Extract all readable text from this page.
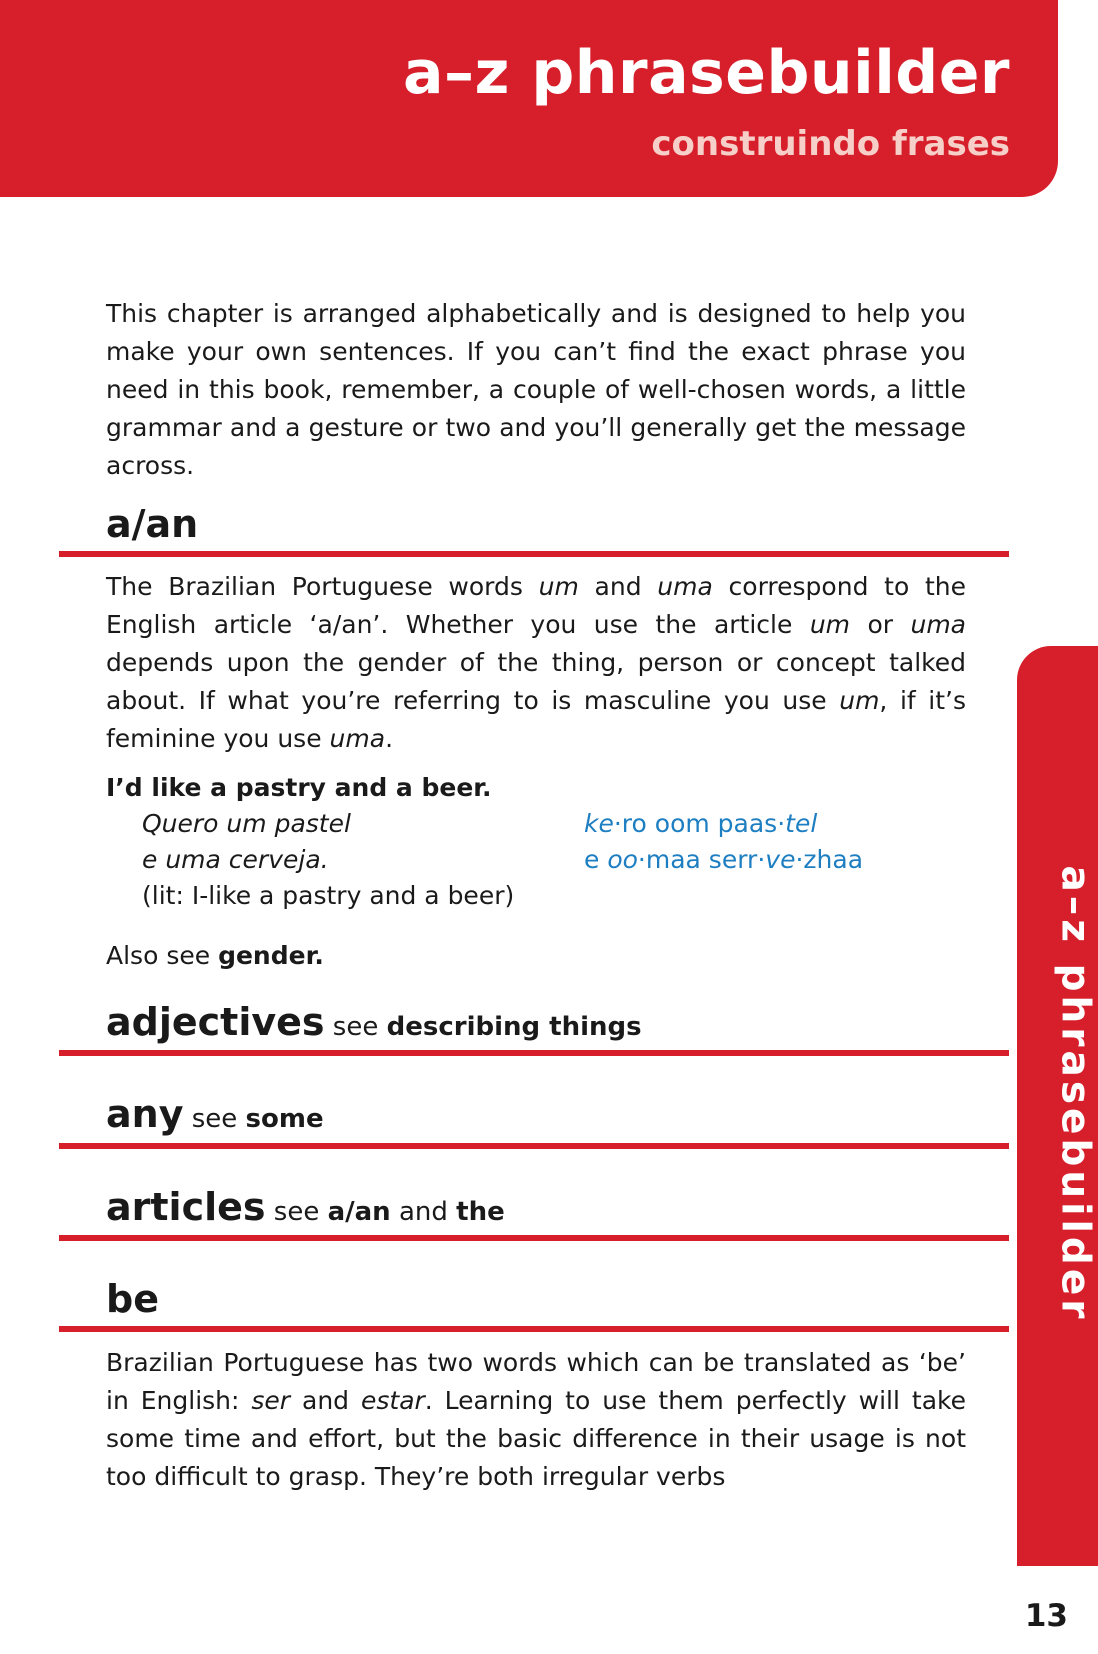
a–z phrasebuilder
construindo frases
a–z phrasebuilder

This chapter is arranged alphabetically and is designed to help you make your own sentences. If you can’t find the exact phrase you need in this book, remember, a couple of well-chosen words, a little grammar and a gesture or two and you’ll generally get the message across.

a/an

The Brazilian Portuguese words um and uma correspond to the English article ‘a/an’. Whether you use the article um or uma depends upon the gender of the thing, person or concept talked about. If what you’re referring to is masculine you use um, if it’s feminine you use uma.

I’d like a pastry and a beer.
Quero um pastel
e uma cerveja.
(lit: I-like a pastry and a beer)
ke·ro oom paas·tel
e oo·maa serr·ve·zhaa
Also see gender.
adjectives see describing things
any see some
articles see a/an and the
be

Brazilian Portuguese has two words which can be translated as ‘be’ in English: ser and estar. Learning to use them perfectly will take some time and effort, but the basic difference in their usage is not too difficult to grasp. They’re both irregular verbs

13
